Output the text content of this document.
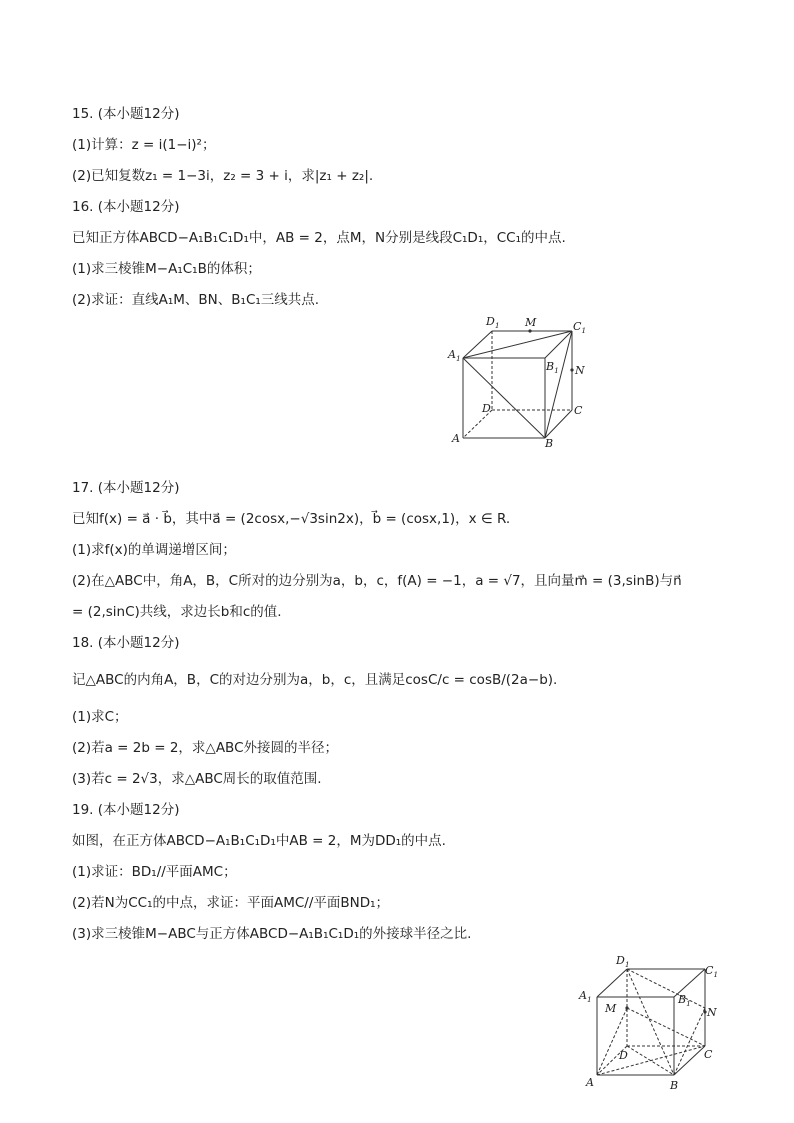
15. (本小题12分)
(1)计算：z = i(1−i)²；
(2)已知复数z₁ = 1−3i，z₂ = 3 + i，求|z₁ + z₂|.
16. (本小题12分)
已知正方体ABCD−A₁B₁C₁D₁中，AB = 2，点M，N分别是线段C₁D₁，CC₁的中点.
(1)求三棱锥M−A₁C₁B的体积；
(2)求证：直线A₁M、BN、B₁C₁三线共点.
$D_1$ M	$C_1$
$A_1$
$B_1$ N
D	C
A	B
17. (本小题12分)
已知f(x) = a⃗ · b⃗，其中a⃗ = (2cosx,−√3sin2x)，b⃗ = (cosx,1)，x ∈ R.
(1)求f(x)的单调递增区间；
(2)在△ABC中，角A，B，C所对的边分别为a，b，c，f(A) = −1，a = √7，且向量m⃗ = (3,sinB)与n⃗
= (2,sinC)共线，求边长b和c的值.
18. (本小题12分)
记△ABC的内角A，B，C的对边分别为a，b，c，且满足cosC/c = cosB/(2a−b).
(1)求C；
(2)若a = 2b = 2，求△ABC外接圆的半径；
(3)若c = 2√3，求△ABC周长的取值范围.
19. (本小题12分)
如图，在正方体ABCD−A₁B₁C₁D₁中AB = 2，M为DD₁的中点.
(1)求证：BD₁//平面AMC；
(2)若N为CC₁的中点，求证：平面AMC//平面BND₁；
(3)求三棱锥M−ABC与正方体ABCD−A₁B₁C₁D₁的外接球半径之比.
$D_1$	$C_1$
$A_1$	$B_1$
M	N
D	C
A	B
